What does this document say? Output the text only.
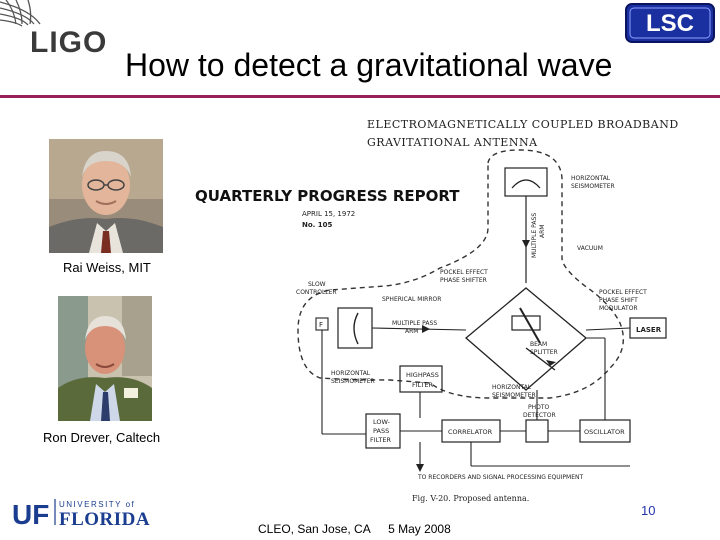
LIGO
LSC
How to detect a gravitational wave
Rai Weiss, MIT
Ron Drever, Caltech
ELECTROMAGNETICALLY COUPLED BROADBAND
GRAVITATIONAL ANTENNA
QUARTERLY PROGRESS REPORT
APRIL 15, 1972
No. 105
F
LASER
HIGHPASS
FILTER
LOW-
PASS
FILTER
CORRELATOR	OSCILLATOR
HORIZONTAL
SEISMOMETER
MULTIPLE PASS ARM
VACUUM
POCKEL EFFECT
PHASE SHIFTER
POCKEL EFFECT
PHASE SHIFT
MODULATOR
SLOW
CONTROLLER
SPHERICAL MIRROR
MULTIPLE PASS
ARM
BEAM
SPLITTER
HORIZONTAL
SEISMOMETER
HORIZONTAL
SEISMOMETER
PHOTO
DETECTOR
TO RECORDERS AND SIGNAL PROCESSING EQUIPMENT
Fig. V-20. Proposed antenna.
UF UNIVERSITY of
FLORIDA	10
CLEO, San Jose, CA 5 May 2008
